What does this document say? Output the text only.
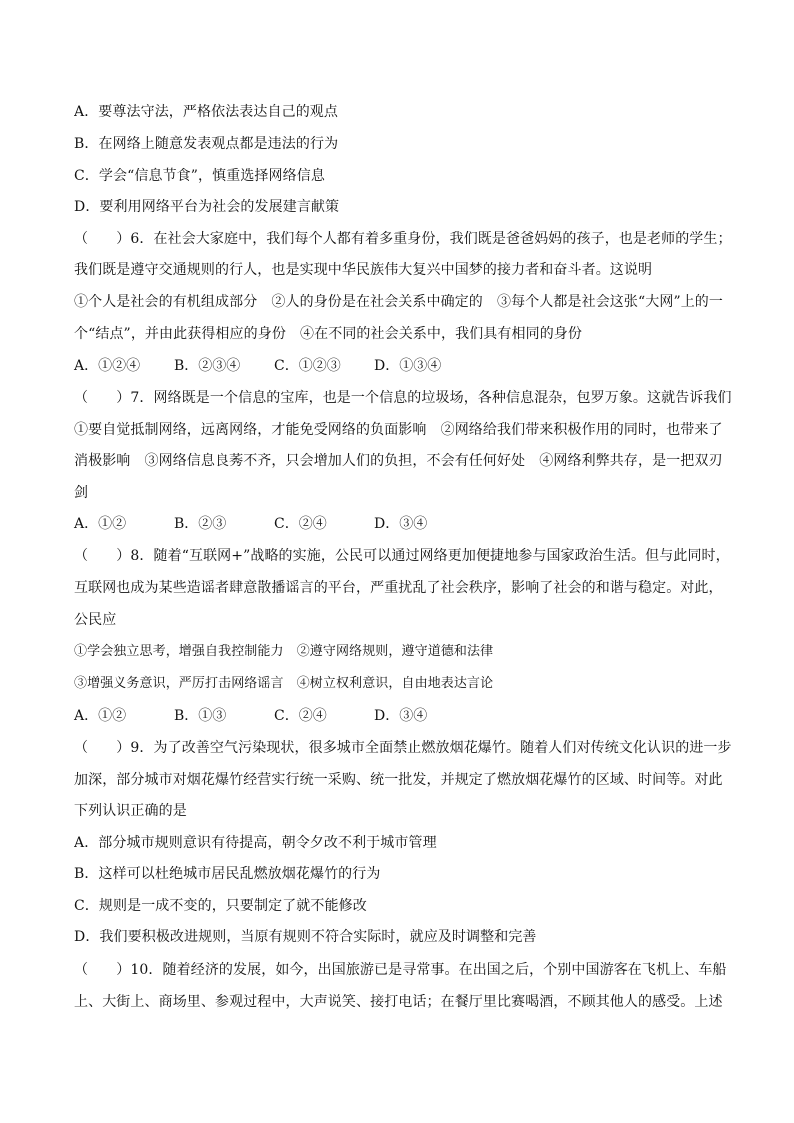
A．要尊法守法，严格依法表达自己的观点
B．在网络上随意发表观点都是违法的行为
C．学会“信息节食”，慎重选择网络信息
D．要利用网络平台为社会的发展建言献策
（　　）6．在社会大家庭中，我们每个人都有着多重身份，我们既是爸爸妈妈的孩子，也是老师的学生；
我们既是遵守交通规则的行人，也是实现中华民族伟大复兴中国梦的接力者和奋斗者。这说明
①个人是社会的有机组成部分　②人的身份是在社会关系中确定的　③每个人都是社会这张“大网”上的一
个“结点”，并由此获得相应的身份　④在不同的社会关系中，我们具有相同的身份
A．①②④ B．②③④ C．①②③ D．①③④
（　　）7．网络既是一个信息的宝库，也是一个信息的垃圾场，各种信息混杂，包罗万象。这就告诉我们
①要自觉抵制网络，远离网络，才能免受网络的负面影响　②网络给我们带来积极作用的同时，也带来了
消极影响　③网络信息良莠不齐，只会增加人们的负担，不会有任何好处　④网络利弊共存，是一把双刃
剑
A．①②	B．②③	C．②④	D．③④
（　　）8．随着“互联网+”战略的实施，公民可以通过网络更加便捷地参与国家政治生活。但与此同时，
互联网也成为某些造谣者肆意散播谣言的平台，严重扰乱了社会秩序，影响了社会的和谐与稳定。对此，
公民应
①学会独立思考，增强自我控制能力　②遵守网络规则，遵守道德和法律
③增强义务意识，严厉打击网络谣言　④树立权利意识，自由地表达言论
A．①②	B．①③	C．②④	D．③④
（　　）9．为了改善空气污染现状，很多城市全面禁止燃放烟花爆竹。随着人们对传统文化认识的进一步
加深，部分城市对烟花爆竹经营实行统一采购、统一批发，并规定了燃放烟花爆竹的区域、时间等。对此
下列认识正确的是
A．部分城市规则意识有待提高，朝令夕改不利于城市管理
B．这样可以杜绝城市居民乱燃放烟花爆竹的行为
C．规则是一成不变的，只要制定了就不能修改
D．我们要积极改进规则，当原有规则不符合实际时，就应及时调整和完善
（　　）10．随着经济的发展，如今，出国旅游已是寻常事。在出国之后，个别中国游客在飞机上、车船
上、大街上、商场里、参观过程中，大声说笑、接打电话；在餐厅里比赛喝酒，不顾其他人的感受。上述
